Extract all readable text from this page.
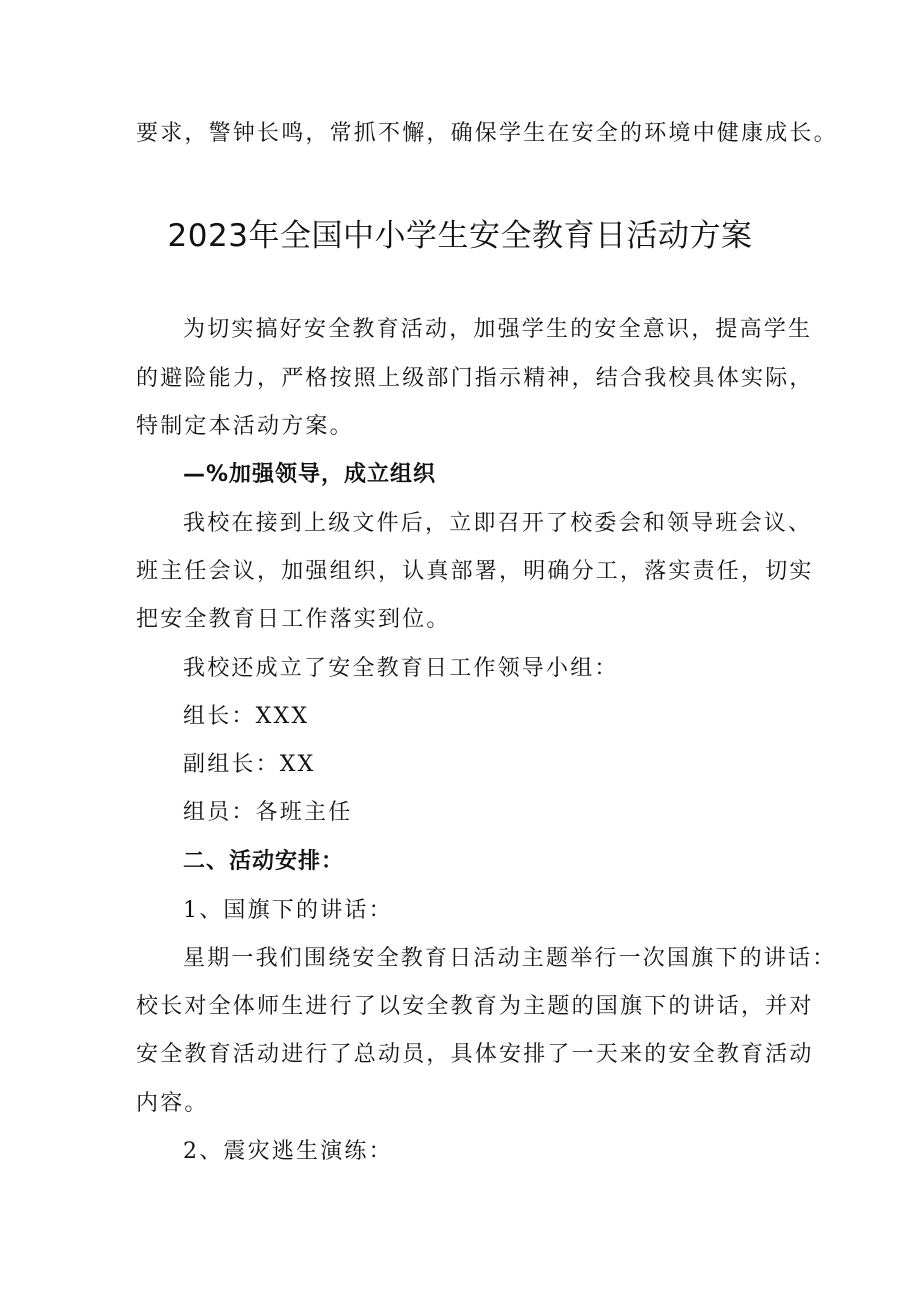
要求，警钟长鸣，常抓不懈，确保学生在安全的环境中健康成长。
2023年全国中小学生安全教育日活动方案
为切实搞好安全教育活动，加强学生的安全意识，提高学生
的避险能力，严格按照上级部门指示精神，结合我校具体实际，
特制定本活动方案。
—%加强领导，成立组织
我校在接到上级文件后，立即召开了校委会和领导班会议、
班主任会议，加强组织，认真部署，明确分工，落实责任，切实
把安全教育日工作落实到位。
我校还成立了安全教育日工作领导小组：
组长：XXX
副组长：XX
组员：各班主任
二、活动安排：
1、国旗下的讲话：
星期一我们围绕安全教育日活动主题举行一次国旗下的讲话：
校长对全体师生进行了以安全教育为主题的国旗下的讲话，并对
安全教育活动进行了总动员，具体安排了一天来的安全教育活动
内容。
2、震灾逃生演练：
